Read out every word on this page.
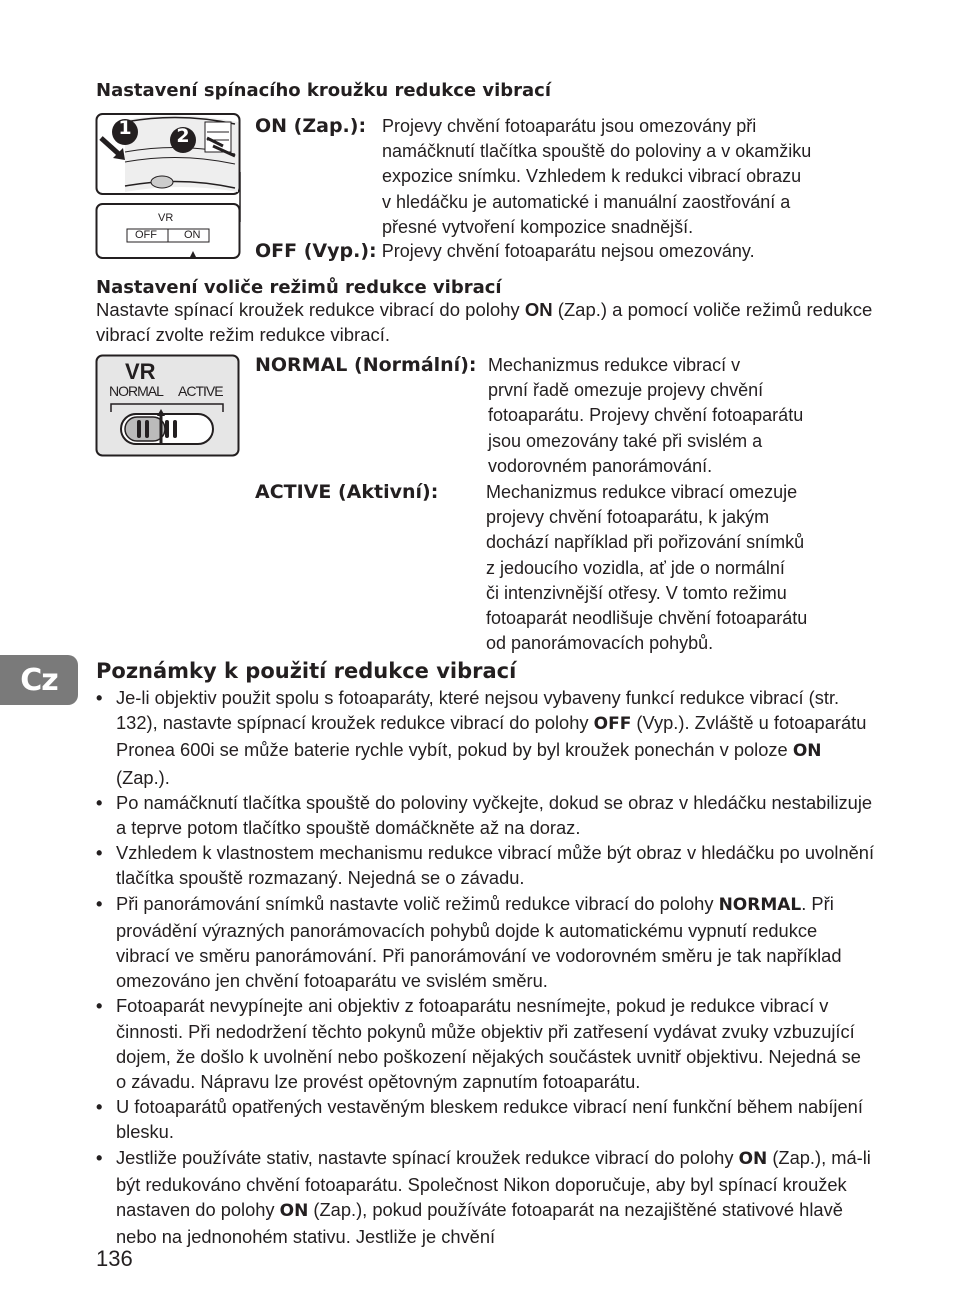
Nastavení spínacího kroužku redukce vibrací
1	2
VR
OFF ON
ON (Zap.): Projevy chvění fotoaparátu jsou omezovány při
namáčknutí tlačítka spouště do poloviny a v okamžiku
expozice snímku. Vzhledem k redukci vibrací obrazu
v hledáčku je automatické i manuální zaostřování a
přesné vytvoření kompozice snadnější.
OFF (Vyp.): Projevy chvění fotoaparátu nejsou omezovány.
Nastavení voliče režimů redukce vibrací
Nastavte spínací kroužek redukce vibrací do polohy ON (Zap.) a pomocí voliče režimů redukce vibrací zvolte režim redukce vibrací.
VR
NORMAL ACTIVE
NORMAL (Normální): Mechanizmus redukce vibrací v
první řadě omezuje projevy chvění
fotoaparátu. Projevy chvění fotoaparátu
jsou omezovány také při svislém a
vodorovném panorámování.
ACTIVE (Aktivní):	Mechanizmus redukce vibrací omezuje
projevy chvění fotoaparátu, k jakým
dochází například při pořizování snímků
z jedoucího vozidla, ať jde o normální
či intenzivnější otřesy. V tomto režimu
fotoaparát neodlišuje chvění fotoaparátu
od panorámovacích pohybů.
Cz	Poznámky k použití redukce vibrací
• Je-li objektiv použit spolu s fotoaparáty, které nejsou vybaveny funkcí redukce vibrací (str. 132), nastavte spípnací kroužek redukce vibrací do polohy OFF (Vyp.). Zvláště u fotoaparátu Pronea 600i se může baterie rychle vybít, pokud by byl kroužek ponechán v poloze ON (Zap.).
• Po namáčknutí tlačítka spouště do poloviny vyčkejte, dokud se obraz v hledáčku nestabilizuje a teprve potom tlačítko spouště domáčkněte až na doraz.
• Vzhledem k vlastnostem mechanismu redukce vibrací může být obraz v hledáčku po uvolnění tlačítka spouště rozmazaný. Nejedná se o závadu.
• Při panorámování snímků nastavte volič režimů redukce vibrací do polohy NORMAL. Při provádění výrazných panorámovacích pohybů dojde k automatickému vypnutí redukce vibrací ve směru panorámování. Při panorámování ve vodorovném směru je tak například omezováno jen chvění fotoaparátu ve svislém směru.
• Fotoaparát nevypínejte ani objektiv z fotoaparátu nesnímejte, pokud je redukce vibrací v činnosti. Při nedodržení těchto pokynů může objektiv při zatřesení vydávat zvuky vzbuzující dojem, že došlo k uvolnění nebo poškození nějakých součástek uvnitř objektivu. Nejedná se o závadu. Nápravu lze provést opětovným zapnutím fotoaparátu.
• U fotoaparátů opatřených vestavěným bleskem redukce vibrací není funkční během nabíjení blesku.
• Jestliže používáte stativ, nastavte spínací kroužek redukce vibrací do polohy ON (Zap.), má-li být redukováno chvění fotoaparátu. Společnost Nikon doporučuje, aby byl spínací kroužek nastaven do polohy ON (Zap.), pokud používáte fotoaparát na nezajištěné stativové hlavě nebo na jednonohém stativu. Jestliže je chvění
136
